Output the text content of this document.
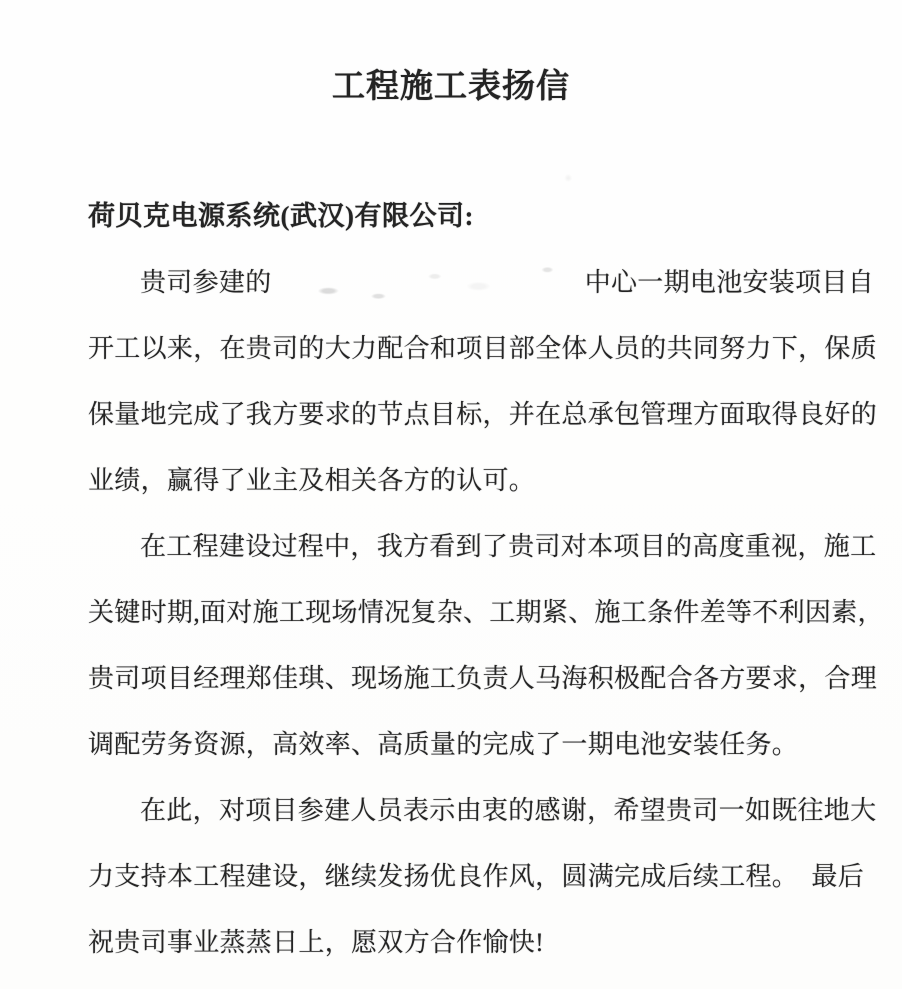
工程施工表扬信
荷贝克电源系统(武汉)有限公司:
贵司参建的	中心一期电池安装项目自
开工以来，在贵司的大力配合和项目部全体人员的共同努力下，保质
保量地完成了我方要求的节点目标，并在总承包管理方面取得良好的
业绩，赢得了业主及相关各方的认可。
在工程建设过程中，我方看到了贵司对本项目的高度重视，施工
关键时期,面对施工现场情况复杂、工期紧、施工条件差等不利因素，
贵司项目经理郑佳琪、现场施工负责人马海积极配合各方要求，合理
调配劳务资源，高效率、高质量的完成了一期电池安装任务。
在此，对项目参建人员表示由衷的感谢，希望贵司一如既往地大
力支持本工程建设，继续发扬优良作风，圆满完成后续工程。　最后
祝贵司事业蒸蒸日上，愿双方合作愉快!
